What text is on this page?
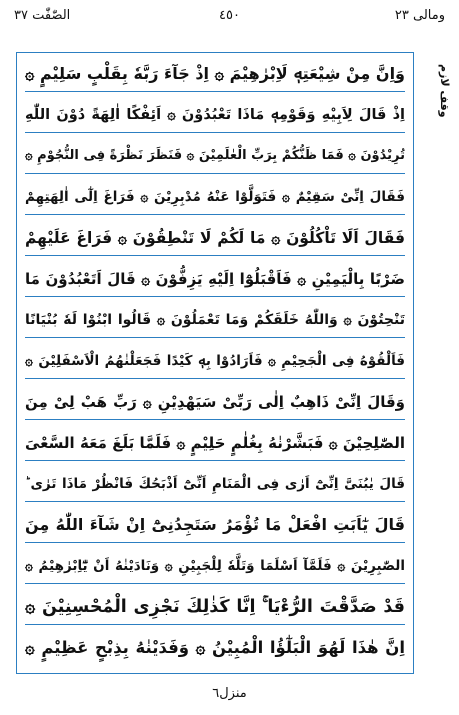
ومالی ٢٣
٤٥٠
الصّٰفّٰت ٣٧
وقف لازم
وَاِنَّ مِنْ شِيْعَتِهٖ لَاِبْرٰهِيْمَ ۞ اِذْ جَآءَ رَبَّهٗ بِقَلْبٍ سَلِيْمٍ ۞
اِذْ قَالَ لِاَبِيْهِ وَقَوْمِهٖ مَاذَا تَعْبُدُوْنَ ۞ اَئِفْكًا اٰلِهَةً دُوْنَ اللّٰهِ
تُرِيْدُوْنَ ۞ فَمَا ظَنُّكُمْ بِرَبِّ الْعٰلَمِيْنَ ۞ فَنَظَرَ نَظْرَةً فِى النُّجُوْمِ ۞
فَقَالَ اِنِّىْ سَقِيْمٌ ۞ فَتَوَلَّوْا عَنْهُ مُدْبِرِيْنَ ۞ فَرَاغَ اِلٰٓى اٰلِهَتِهِمْ
فَقَالَ اَلَا تَاْكُلُوْنَ ۞ مَا لَكُمْ لَا تَنْطِقُوْنَ ۞ فَرَاغَ عَلَيْهِمْ
ضَرْبًا بِالْيَمِيْنِ ۞ فَاَقْبَلُوْٓا اِلَيْهِ يَزِفُّوْنَ ۞ قَالَ اَتَعْبُدُوْنَ مَا
تَنْحِتُوْنَ ۞ وَاللّٰهُ خَلَقَكُمْ وَمَا تَعْمَلُوْنَ ۞ قَالُوا ابْنُوْا لَهٗ بُنْيَانًا
فَاَلْقُوْهُ فِى الْجَحِيْمِ ۞ فَاَرَادُوْا بِهٖ كَيْدًا فَجَعَلْنٰهُمُ الْاَسْفَلِيْنَ ۞
وَقَالَ اِنِّىْ ذَاهِبٌ اِلٰى رَبِّىْ سَيَهْدِيْنِ ۞ رَبِّ هَبْ لِىْ مِنَ
الصّٰلِحِيْنَ ۞ فَبَشَّرْنٰهُ بِغُلٰمٍ حَلِيْمٍ ۞ فَلَمَّا بَلَغَ مَعَهُ السَّعْىَ
قَالَ يٰبُنَىَّ اِنِّىْٓ اَرٰى فِى الْمَنَامِ اَنِّىْٓ اَذْبَحُكَ فَانْظُرْ مَاذَا تَرٰى ؕ
قَالَ يٰٓاَبَتِ افْعَلْ مَا تُؤْمَرُ سَتَجِدُنِىْٓ اِنْ شَآءَ اللّٰهُ مِنَ
الصّٰبِرِيْنَ ۞ فَلَمَّآ اَسْلَمَا وَتَلَّهٗ لِلْجَبِيْنِ ۞ وَنَادَيْنٰهُ اَنْ يّٰٓاِبْرٰهِيْمُ ۞
قَدْ صَدَّقْتَ الرُّءْيَا ۚ اِنَّا كَذٰلِكَ نَجْزِى الْمُحْسِنِيْنَ ۞
اِنَّ هٰذَا لَهُوَ الْبَلٰٓؤُا الْمُبِيْنُ ۞ وَفَدَيْنٰهُ بِذِبْحٍ عَظِيْمٍ ۞
منزل٦
